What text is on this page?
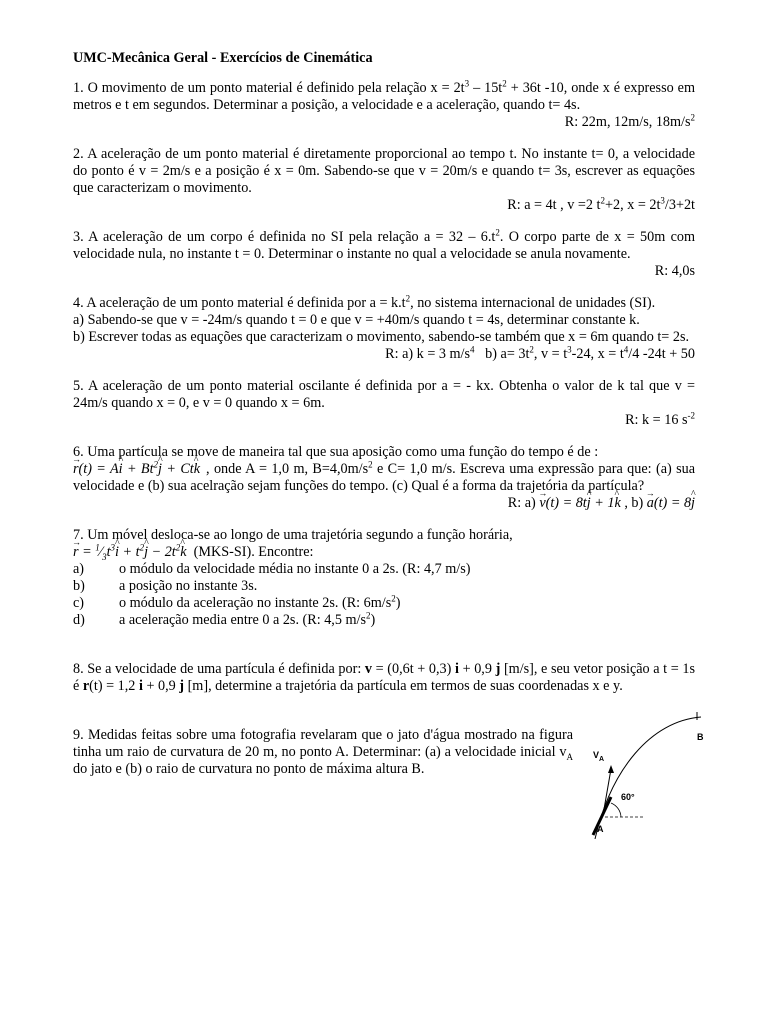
UMC-Mecânica Geral - Exercícios de Cinemática

1. O movimento de um ponto material é definido pela relação $x = 2t^3 - 15t^2 + 36t$ -10, onde x é expresso em metros e t em segundos. Determinar a posição, a velocidade e a aceleração, quando t= 4s.

R: 22m, 12m/s, $18m/s^2$

2. A aceleração de um ponto material é diretamente proporcional ao tempo t. No instante t= 0, a velocidade do ponto é v = 2m/s e a posição é x = 0m. Sabendo-se que v = 20m/s e quando t= 3s, escrever as equações que caracterizam o movimento.

R: a = 4t , v =2 $t^2+2$, $x = 2t^3/3+2t$

3. A aceleração de um corpo é definida no SI pela relação $a = 32 - 6.t^2$. O corpo parte de x = 50m com velocidade nula, no instante t = 0. Determinar o instante no qual a velocidade se anula novamente.

R: 4,0s

4. A aceleração de um ponto material é definida por $a = k.t^2$, no sistema internacional de unidades (SI).

a) Sabendo-se que v = -24m/s quando t = 0 e que v = +40m/s quando t = 4s, determinar constante k.

b) Escrever todas as equações que caracterizam o movimento, sabendo-se também que x = 6m quando t= 2s.

R: a) k = 3 $m/s^4$ b) $a= 3t^2$, $v = t^3-24$, $x = t^4/4$ -24t + 50

5. A aceleração de um ponto material oscilante é definida por a = - kx. Obtenha o valor de k tal que v = 24m/s quando x = 0, e v = 0 quando x = 6m.

R: k = 16 $s^{-2}$

6. Uma partícula se move de maneira tal que sua aposição como uma função do tempo é de :
→ r(t) = A^ $i + Bt^2\^{}$ j + Ct^ k , onde A = 1,0 m, $B=4,0m/s^2$ e C= 1,0 m/s. Escreva uma expressão para que: (a) sua velocidade e (b) sua acelração sejam funções do tempo. (c) Qual é a forma da trajetória da partícula?

R: a) → v(t) = 8t^ j + 1^ k , b) → a(t) = 8^ j

7. Um móvel desloca-se ao longo de uma trajetória segundo a função horária,

→ $r = ^1⁄_3t^3\^{}$ $i + t^2\^{}$ $j - 2t^2\^{}$ k (MKS-SI). Encontre:

a)	o módulo da velocidade média no instante 0 a 2s. (R: 4,7 m/s)
b)	a posição no instante 3s.
c)	o módulo da aceleração no instante 2s. (R: $6m/s^2$)
d)	a aceleração media entre 0 a 2s. (R: 4,5 $m/s^2$)

8. Se a velocidade de uma partícula é definida por: v = (0,6t + 0,3) i + 0,9 j [m/s], e seu vetor posição a t = 1s é r(t) = 1,2 i + 0,9 j [m], determine a trajetória da partícula em termos de suas coordenadas x e y.

9. Medidas feitas sobre uma fotografia revelaram que o jato d'água mostrado na figura tinha um raio de curvatura de 20 m, no ponto A. Determinar: (a) a velocidade inicial $v_A$ do jato e (b) o raio de curvatura no ponto de máxima altura B.

B
A
$V_A$
60°
